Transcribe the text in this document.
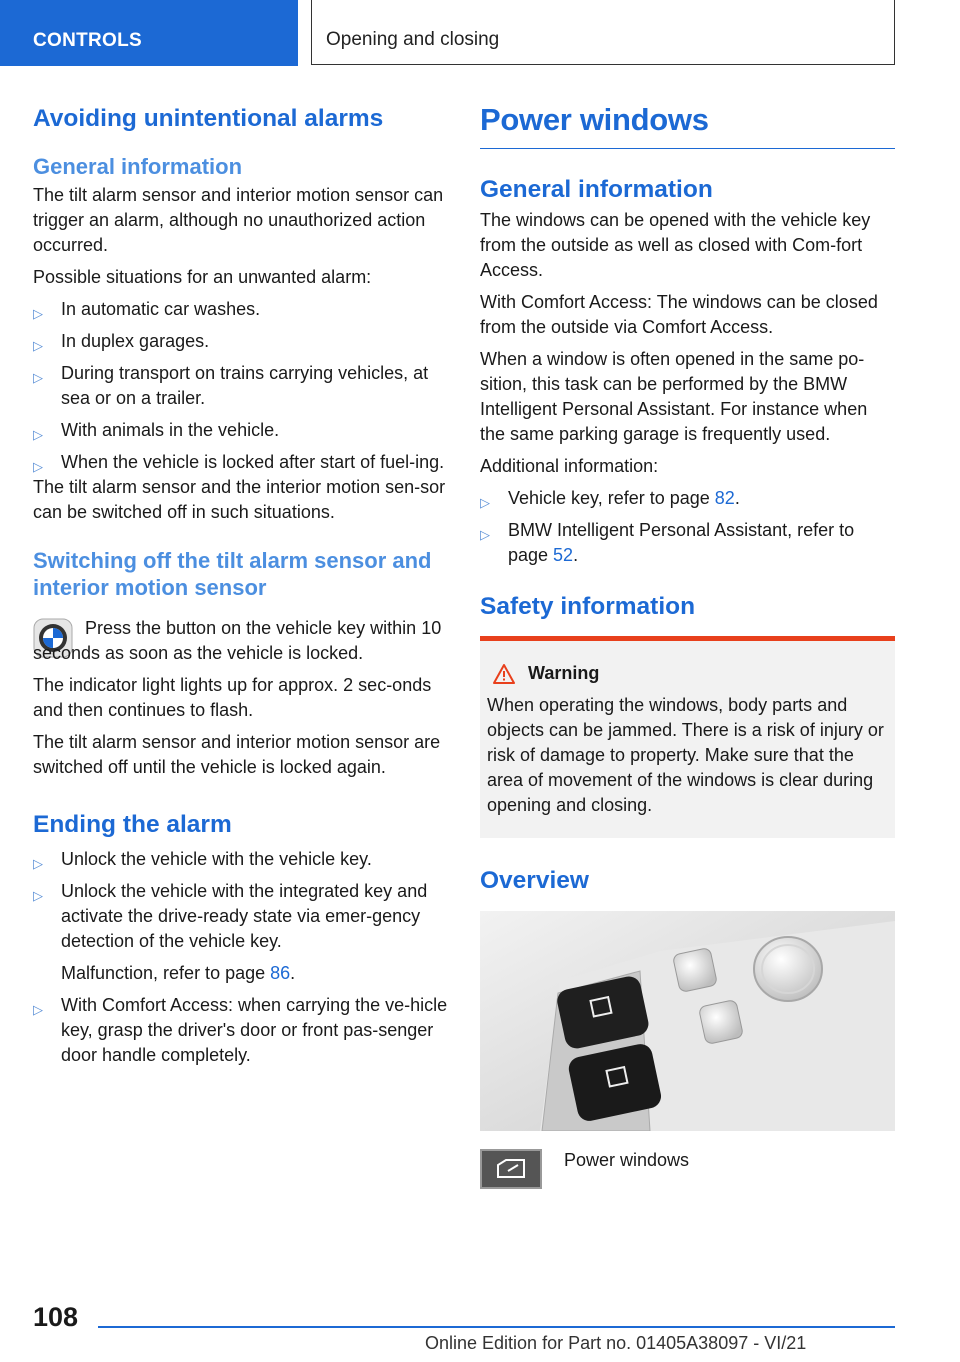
CONTROLS	Opening and closing
Avoiding unintentional alarms
General information

The tilt alarm sensor and interior motion sensor can trigger an alarm, although no unauthorized action occurred.

Possible situations for an unwanted alarm:

▷ In automatic car washes.
▷ In duplex garages.
▷ During transport on trains carrying vehicles, at sea or on a trailer.
▷ With animals in the vehicle.
▷ When the vehicle is locked after start of fuel-ing.

The tilt alarm sensor and the interior motion sen-sor can be switched off in such situations.

Switching off the tilt alarm sensor and interior motion sensor

Press the button on the vehicle key within 10 seconds as soon as the vehicle is locked.

The indicator light lights up for approx. 2 sec-onds and then continues to flash.

The tilt alarm sensor and interior motion sensor are switched off until the vehicle is locked again.

Ending the alarm
▷ Unlock the vehicle with the vehicle key.
▷ Unlock the vehicle with the integrated key and activate the drive-ready state via emer-gency detection of the vehicle key.
Malfunction, refer to page 86.
▷ With Comfort Access: when carrying the ve-hicle key, grasp the driver's door or front pas-senger door handle completely.
Power windows
General information

The windows can be opened with the vehicle key from the outside as well as closed with Com-fort Access.

With Comfort Access: The windows can be closed from the outside via Comfort Access.

When a window is often opened in the same po-sition, this task can be performed by the BMW Intelligent Personal Assistant. For instance when the same parking garage is frequently used.

Additional information:

▷ Vehicle key, refer to page 82.
▷ BMW Intelligent Personal Assistant, refer to page 52.
Safety information
Warning

When operating the windows, body parts and objects can be jammed. There is a risk of injury or risk of damage to property. Make sure that the area of movement of the windows is clear during opening and closing.

Overview
Power windows
108
Online Edition for Part no. 01405A38097 - VI/21
